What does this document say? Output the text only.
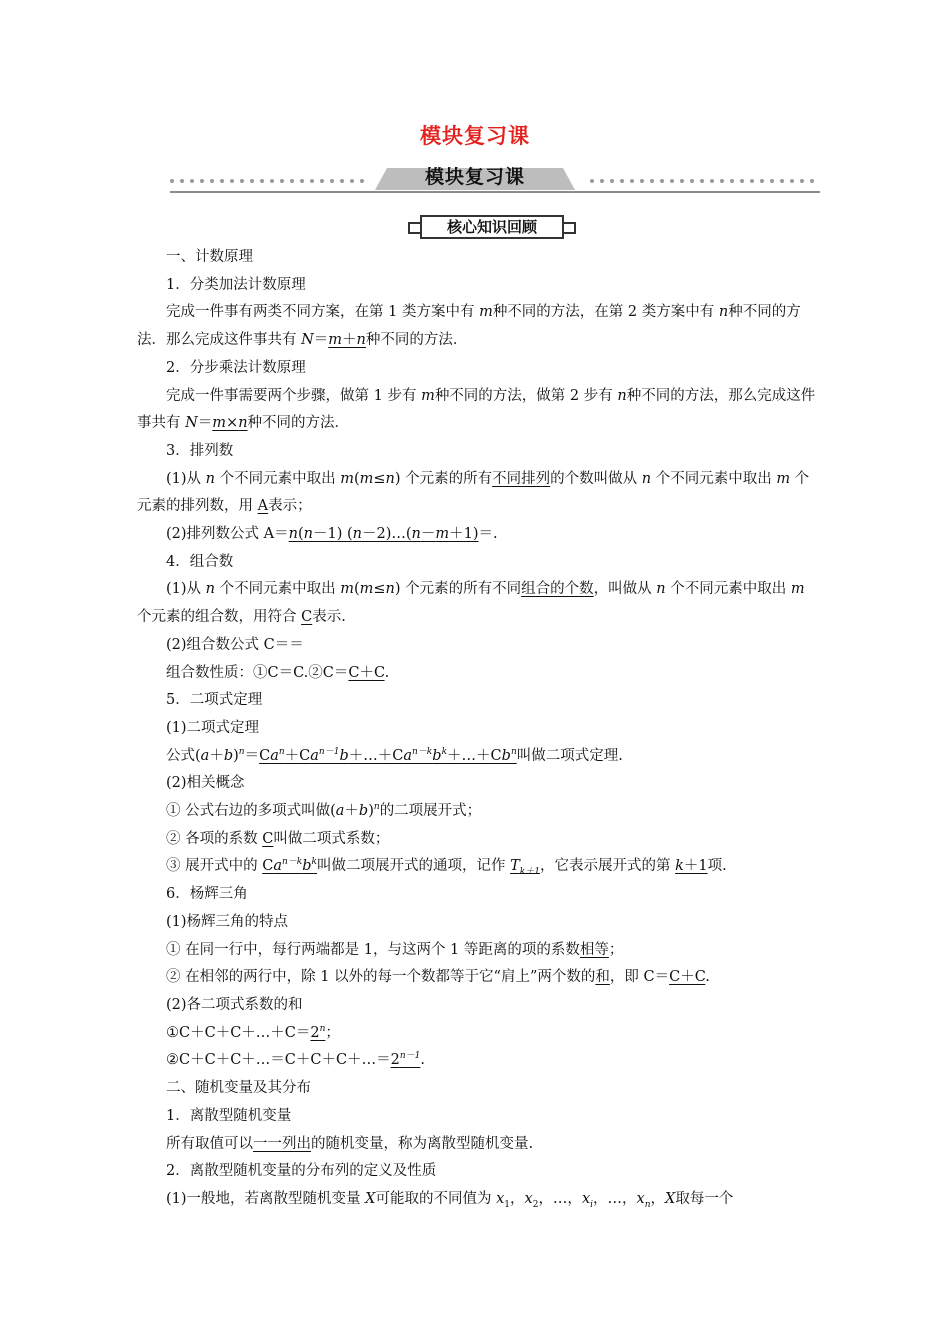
模块复习课
模块复习课
核心知识回顾

一、计数原理

1．分类加法计数原理

完成一件事有两类不同方案，在第 1 类方案中有 m种不同的方法，在第 2 类方案中有 n种不同的方法．那么完成这件事共有 N＝m＋n种不同的方法．

2．分步乘法计数原理

完成一件事需要两个步骤，做第 1 步有 m种不同的方法，做第 2 步有 n种不同的方法，那么完成这件事共有 N＝m×n种不同的方法．

3．排列数

(1)从 n 个不同元素中取出 m(m≤n) 个元素的所有不同排列的个数叫做从 n 个不同元素中取出 m 个元素的排列数，用 A表示；

(2)排列数公式 A＝n(n－1) (n－2)…(n－m＋1)＝.

4．组合数

(1)从 n 个不同元素中取出 m(m≤n) 个元素的所有不同组合的个数，叫做从 n 个不同元素中取出 m 个元素的组合数，用符合 C表示.

(2)组合数公式 C＝＝

组合数性质：①C＝C.②C＝C＋C.

5．二项式定理

(1)二项式定理

公式$(a+b)^n=Ca^n+Ca^{n-1}b+\dots+Ca^{n-k}b^k+\dots+Cb^n$叫做二项式定理.

(2)相关概念

① 公式右边的多项式叫做$(a+b)^n$的二项展开式；

② 各项的系数 C叫做二项式系数；

③ 展开式中的 $Ca^{n-k}b^k$叫做二项展开式的通项，记作 $T_{k+1}$，它表示展开式的第 k＋1项.

6．杨辉三角

(1)杨辉三角的特点

① 在同一行中，每行两端都是 1，与这两个 1 等距离的项的系数相等；

② 在相邻的两行中，除 1 以外的每一个数都等于它“肩上”两个数的和，即 C＝C＋C.

(2)各二项式系数的和

$①C+C+C+\dots+C=2^n$；

$②C+C+C+\dots=C+C+C+\dots=2^{n-1}$.

二、随机变量及其分布

1．离散型随机变量

所有取值可以一一列出的随机变量，称为离散型随机变量.

2．离散型随机变量的分布列的定义及性质

(1)一般地，若离散型随机变量 X可能取的不同值为 $x_1$，$x_2$，…，$x_i$，…，$x_n$，X取每一个
